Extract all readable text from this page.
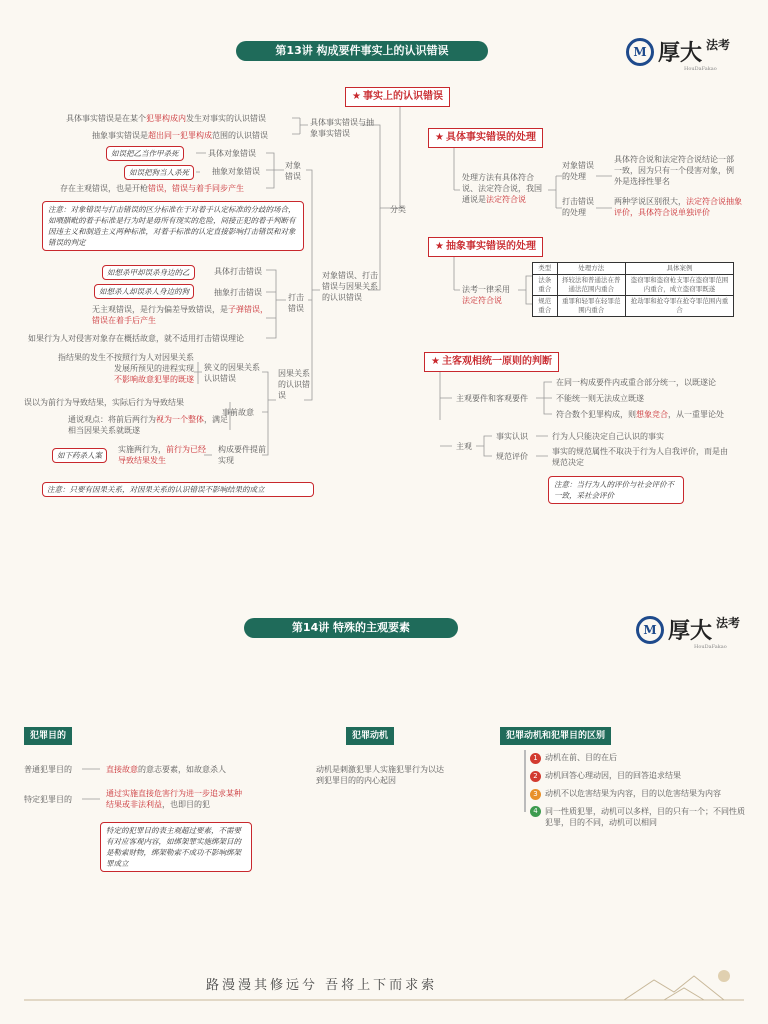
第13讲 构成要件事实上的认识错误	M 厚大 $^{法考}$
HouDaFakao
★ 事实上的认识错误
分类
具体事实错误与抽象事实错误
具体事实错误是在某个犯罪构成内发生对事实的认识错误
抽象事实错误是超出同一犯罪构成范围的认识错误
对象
错误
如误把乙当作甲杀死	具体对象错误
如误把狗当人杀死	抽象对象错误
存在主观错误，也是开枪错误，错误与着手同步产生
注意：对象错误与打击错误的区分标准在于对着手认定标准的分歧的场合，如喂腊毗的着手标准是行为时是毋所有现实的危险，间接正犯的着手判断有因违主义和制造主义两种标准，对着手标准的认定直接影响打击错误和对象错误的判定
打击
错误
如想杀甲却误杀身边的乙	具体打击错误
如想杀人却误杀人身边的狗	抽象打击错误
无主观错误，是行为偏差导致错误，是子弹错误，错误在着手后产生
如果行为人对侵害对象存在概括故意，就不适用打击错误理论
因果关系的认识错误
狭义的因果关系认识错误
指结果的发生不按照行为人对因果关系发展所预见的进程实现
不影响故意犯罪的既遂
事前故意
误以为前行为导致结果，实际后行为导致结果
通说观点：将前后两行为视为一个整体，满足相当因果关系就既遂
构成要件提前实现
实施两行为，前行为已经导致结果发生
如下药杀人案
对象错误、打击错误与因果关系的认识错误
注意：只要有因果关系，对因果关系的认识错误不影响结果的成立
★ 具体事实错误的处理
处理方法有具体符合说、法定符合说，我国通说是法定符合说
对象错误的处理
具体符合说和法定符合说结论一部一致，因为只有一个侵害对象，例外是选择性罪名
打击错误的处理
两种学说区别很大，法定符合说抽象评价，具体符合说单独评价
★ 抽象事实错误的处理
法考一律采用
法定符合说
类型	处理方法	具体案例
法条重合	择较法和普通法在普通法范围内重合	盗窃罪和盗窃枪支罪在盗窃罪范围内重合，成立盗窃罪既遂
规范重合	重罪和轻罪在轻罪范围内重合	抢劫罪和抢夺罪在抢夺罪范围内重合
★ 主客观相统一原则的判断
主观要件和客观要件
在同一构成要件内或重合部分统一，以既遂论
不能统一则无法成立既遂
符合数个犯罪构成，则想象竞合，从一重罪论处
主观
事实认识	行为人只能决定自己认识的事实
规范评价
事实的规范属性不取决于行为人自我评价，而是由规范决定
注意：当行为人的评价与社会评价不一致，采社会评价
第14讲 特殊的主观要素	M 厚大 $^{法考}$
HouDaFakao
犯罪目的
普通犯罪目的	直接故意的意志要素，如故意杀人
特定犯罪目的
通过实施直接危害行为进一步追求某种结果或非法利益，也即目的犯
特定的犯罪目的表主观超过要素，不需要有对应客观内容，如绑架罪实施绑架目的是勒索财物，绑架勒索不成功不影响绑架罪成立
犯罪动机
动机是刺激犯罪人实施犯罪行为以达到犯罪目的的内心起因
犯罪动机和犯罪目的区别
1 动机在前、目的在后
2 动机回答心理动因，目的回答追求结果
3 动机不以危害结果为内容，目的以危害结果为内容
4 同一性质犯罪，动机可以多样，目的只有一个；不同性质犯罪，目的不同，动机可以相同
路漫漫其修远兮 吾将上下而求索
